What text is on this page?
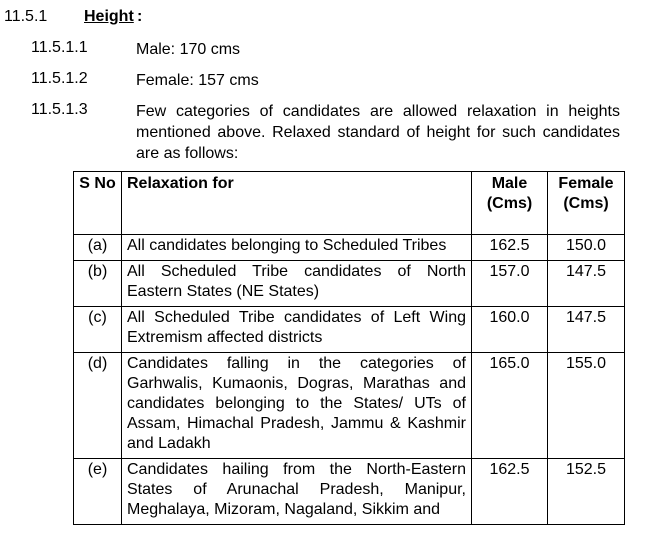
11.5.1 Height :
11.5.1.1	Male: 170 cms

11.5.1.2	Female: 157 cms

11.5.1.3	Few categories of candidates are allowed relaxation in heights mentioned above. Relaxed standard of height for such candidates are as follows:

S No	Relaxation for	Male (Cms)	Female (Cms)

(a)	All candidates belonging to Scheduled Tribes	162.5	150.0
(b)	All Scheduled Tribe candidates of North Eastern States (NE States)	157.0	147.5
(c)	All Scheduled Tribe candidates of Left Wing Extremism affected districts	160.0	147.5
(d)	Candidates falling in the categories of Garhwalis, Kumaonis, Dogras, Marathas and candidates belonging to the States/ UTs of Assam, Himachal Pradesh, Jammu & Kashmir and Ladakh	165.0	155.0
(e)	Candidates hailing from the North-Eastern States of Arunachal Pradesh, Manipur, Meghalaya, Mizoram, Nagaland, Sikkim and	162.5	152.5
